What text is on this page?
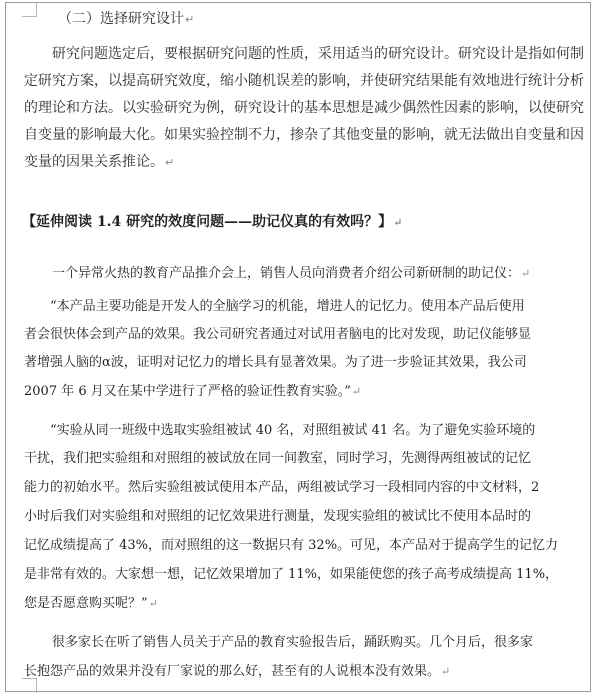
（二）选择研究设计↵
研究问题选定后，要根据研究问题的性质，采用适当的研究设计。研究设计是指如何制
定研究方案，以提高研究效度，缩小随机误差的影响，并使研究结果能有效地进行统计分析
的理论和方法。以实验研究为例，研究设计的基本思想是减少偶然性因素的影响，以使研究
自变量的影响最大化。如果实验控制不力，掺杂了其他变量的影响，就无法做出自变量和因
变量的因果关系推论。↵
【延伸阅读 1.4 研究的效度问题——助记仪真的有效吗？】↵
一个异常火热的教育产品推介会上，销售人员向消费者介绍公司新研制的助记仪：↵
“本产品主要功能是开发人的全脑学习的机能，增进人的记忆力。使用本产品后使用
者会很快体会到产品的效果。我公司研究者通过对试用者脑电的比对发现，助记仪能够显
著增强人脑的α波，证明对记忆力的增长具有显著效果。为了进一步验证其效果，我公司
2007 年 6 月又在某中学进行了严格的验证性教育实验。”↵
“实验从同一班级中选取实验组被试 40 名，对照组被试 41 名。为了避免实验环境的
干扰，我们把实验组和对照组的被试放在同一间教室，同时学习，先测得两组被试的记忆
能力的初始水平。然后实验组被试使用本产品，两组被试学习一段相同内容的中文材料，2
小时后我们对实验组和对照组的记忆效果进行测量，发现实验组的被试比不使用本品时的
记忆成绩提高了 43%，而对照组的这一数据只有 32%。可见，本产品对于提高学生的记忆力
是非常有效的。大家想一想，记忆效果增加了 11%，如果能使您的孩子高考成绩提高 11%，
您是否愿意购买呢？”↵
很多家长在听了销售人员关于产品的教育实验报告后，踊跃购买。几个月后，很多家
长抱怨产品的效果并没有厂家说的那么好，甚至有的人说根本没有效果。↵
